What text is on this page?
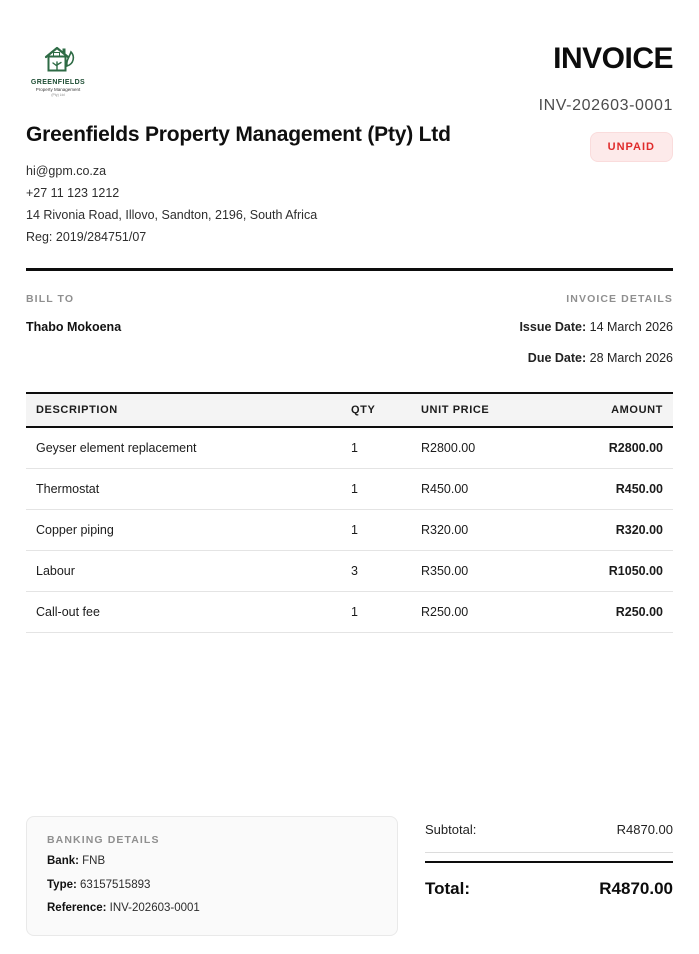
GREENFIELDS
Property Management
(Pty) Ltd
Greenfields Property Management (Pty) Ltd
hi@gpm.co.za
+27 11 123 1212
14 Rivonia Road, Illovo, Sandton, 2196, South Africa
Reg: 2019/284751/07
INVOICE
INV-202603-0001
UNPAID
BILL TO
Thabo Mokoena
INVOICE DETAILS
Issue Date: 14 March 2026
Due Date: 28 March 2026
DESCRIPTION	QTY	UNIT PRICE	AMOUNT
Geyser element replacement	1	R2800.00	R2800.00
Thermostat	1	R450.00	R450.00
Copper piping	1	R320.00	R320.00
Labour	3	R350.00	R1050.00
Call-out fee	1	R250.00	R250.00
BANKING DETAILS
Bank: FNB
Type: 63157515893
Reference: INV-202603-0001
Subtotal:	R4870.00
Total:	R4870.00
